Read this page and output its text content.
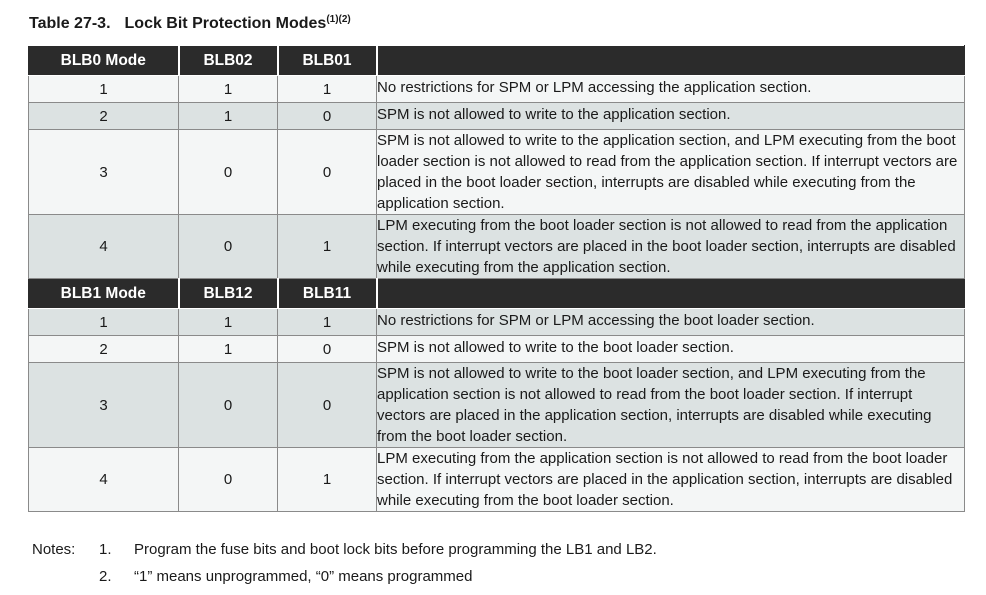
Table 27-3. Lock Bit Protection Modes$^{(1)(2)}$
BLB0 Mode	BLB02	BLB01	
1	1	1	No restrictions for SPM or LPM accessing the application section.
2	1	0	SPM is not allowed to write to the application section.
3	0	0	SPM is not allowed to write to the application section, and LPM executing from the boot loader section is not allowed to read from the application section. If interrupt vectors are placed in the boot loader section, interrupts are disabled while executing from the application section.
4	0	1	LPM executing from the boot loader section is not allowed to read from the application section. If interrupt vectors are placed in the boot loader section, interrupts are disabled while executing from the application section.
BLB1 Mode	BLB12	BLB11	
1	1	1	No restrictions for SPM or LPM accessing the boot loader section.
2	1	0	SPM is not allowed to write to the boot loader section.
3	0	0	SPM is not allowed to write to the boot loader section, and LPM executing from the application section is not allowed to read from the boot loader section. If interrupt vectors are placed in the application section, interrupts are disabled while executing from the boot loader section.
4	0	1	LPM executing from the application section is not allowed to read from the boot loader section. If interrupt vectors are placed in the application section, interrupts are disabled while executing from the boot loader section.
Notes: 1. Program the fuse bits and boot lock bits before programming the LB1 and LB2.
2. “1” means unprogrammed, “0” means programmed
